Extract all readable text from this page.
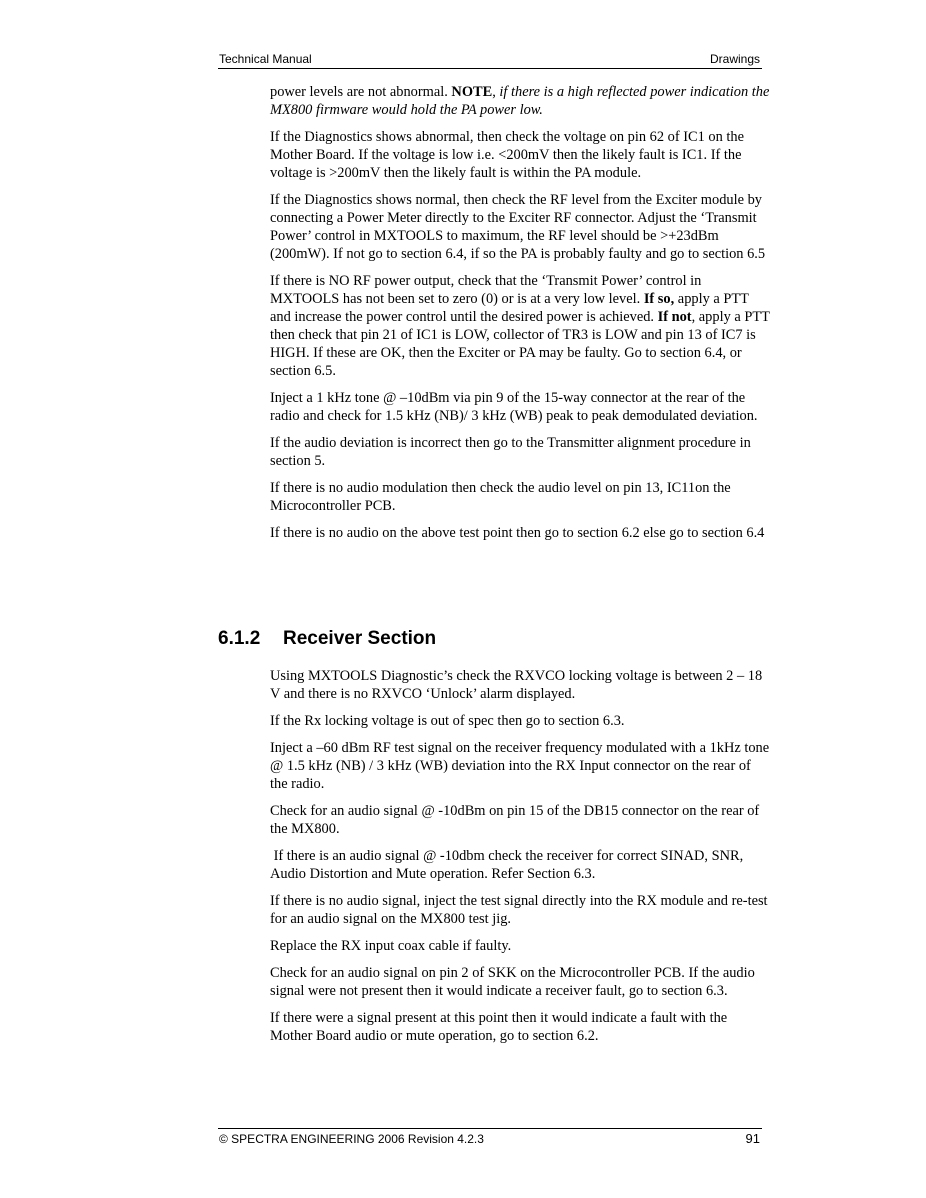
Technical Manual	Drawings

power levels are not abnormal. NOTE, if there is a high reflected power indication the MX800 firmware would hold the PA power low.

If the Diagnostics shows abnormal, then check the voltage on pin 62 of IC1 on the Mother Board. If the voltage is low i.e. <200mV then the likely fault is IC1. If the voltage is >200mV then the likely fault is within the PA module.

If the Diagnostics shows normal, then check the RF level from the Exciter module by connecting a Power Meter directly to the Exciter RF connector. Adjust the ‘Transmit Power’ control in MXTOOLS to maximum, the RF level should be >+23dBm (200mW). If not go to section 6.4, if so the PA is probably faulty and go to section 6.5

If there is NO RF power output, check that the ‘Transmit Power’ control in MXTOOLS has not been set to zero (0) or is at a very low level. If so, apply a PTT and increase the power control until the desired power is achieved. If not, apply a PTT then check that pin 21 of IC1 is LOW, collector of TR3 is LOW and pin 13 of IC7 is HIGH. If these are OK, then the Exciter or PA may be faulty. Go to section 6.4, or section 6.5.

Inject a 1 kHz tone @ –10dBm via pin 9 of the 15-way connector at the rear of the radio and check for 1.5 kHz (NB)/ 3 kHz (WB) peak to peak demodulated deviation.

If the audio deviation is incorrect then go to the Transmitter alignment procedure in section 5.

If there is no audio modulation then check the audio level on pin 13, IC11on the Microcontroller PCB.

If there is no audio on the above test point then go to section 6.2 else go to section 6.4

6.1.2 Receiver Section

Using MXTOOLS Diagnostic’s check the RXVCO locking voltage is between 2 – 18 V and there is no RXVCO ‘Unlock’ alarm displayed.

If the Rx locking voltage is out of spec then go to section 6.3.

Inject a –60 dBm RF test signal on the receiver frequency modulated with a 1kHz tone @ 1.5 kHz (NB) / 3 kHz (WB) deviation into the RX Input connector on the rear of the radio.

Check for an audio signal @ -10dBm on pin 15 of the DB15 connector on the rear of the MX800.

If there is an audio signal @ -10dbm check the receiver for correct SINAD, SNR, Audio Distortion and Mute operation. Refer Section 6.3.

If there is no audio signal, inject the test signal directly into the RX module and re-test for an audio signal on the MX800 test jig.

Replace the RX input coax cable if faulty.

Check for an audio signal on pin 2 of SKK on the Microcontroller PCB. If the audio signal were not present then it would indicate a receiver fault, go to section 6.3.

If there were a signal present at this point then it would indicate a fault with the Mother Board audio or mute operation, go to section 6.2.

© SPECTRA ENGINEERING 2006 Revision 4.2.3	91
